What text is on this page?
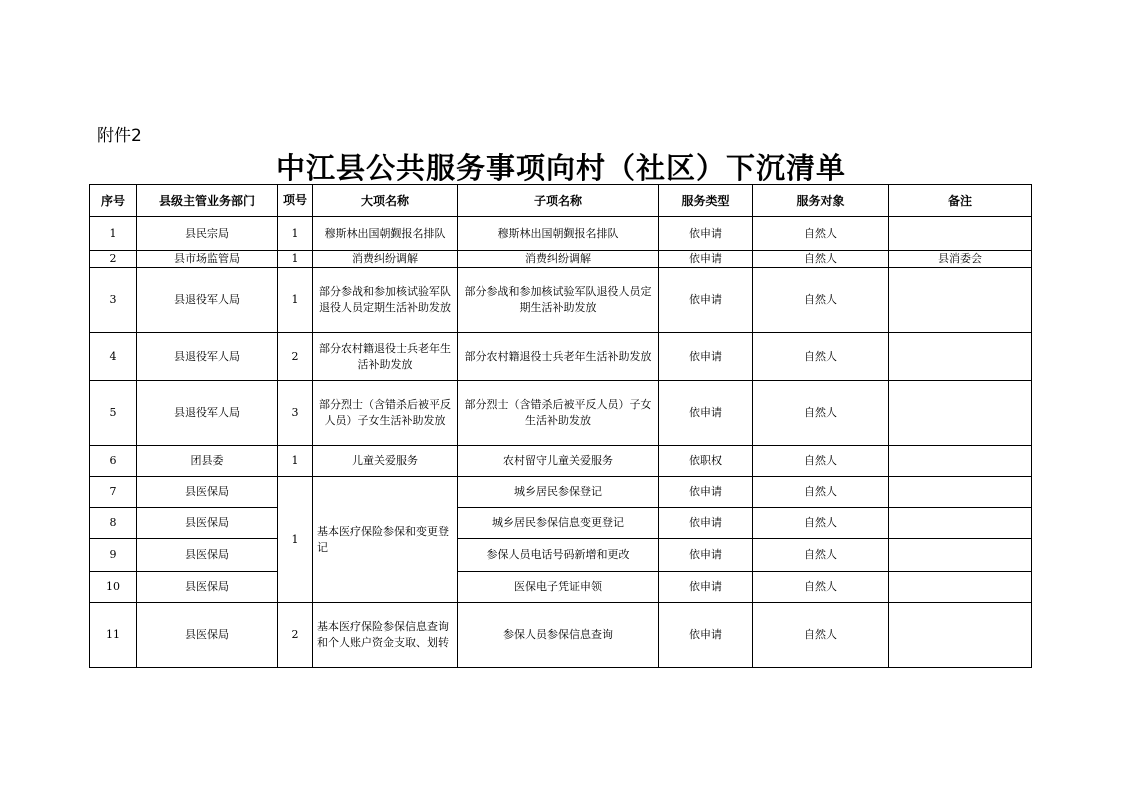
附件2
中江县公共服务事项向村（社区）下沉清单
序号	县级主管业务部门	项号	大项名称	子项名称	服务类型	服务对象	备注
1	县民宗局	1	穆斯林出国朝觐报名排队	穆斯林出国朝觐报名排队	依申请	自然人	
2	县市场监管局	1	消费纠纷调解	消费纠纷调解	依申请	自然人	县消委会
3	县退役军人局	1	部分参战和参加核试验军队退役人员定期生活补助发放	部分参战和参加核试验军队退役人员定期生活补助发放	依申请	自然人	
4	县退役军人局	2	部分农村籍退役士兵老年生活补助发放	部分农村籍退役士兵老年生活补助发放	依申请	自然人	
5	县退役军人局	3	部分烈士（含错杀后被平反人员）子女生活补助发放	部分烈士（含错杀后被平反人员）子女生活补助发放	依申请	自然人	
6	团县委	1	儿童关爱服务	农村留守儿童关爱服务	依职权	自然人	
7	县医保局	1	基本医疗保险参保和变更登记	城乡居民参保登记	依申请	自然人	
8	县医保局			城乡居民参保信息变更登记	依申请	自然人	
9	县医保局			参保人员电话号码新增和更改	依申请	自然人	
10	县医保局			医保电子凭证申领	依申请	自然人	
11	县医保局	2	基本医疗保险参保信息查询和个人账户资金支取、划转	参保人员参保信息查询	依申请	自然人	
